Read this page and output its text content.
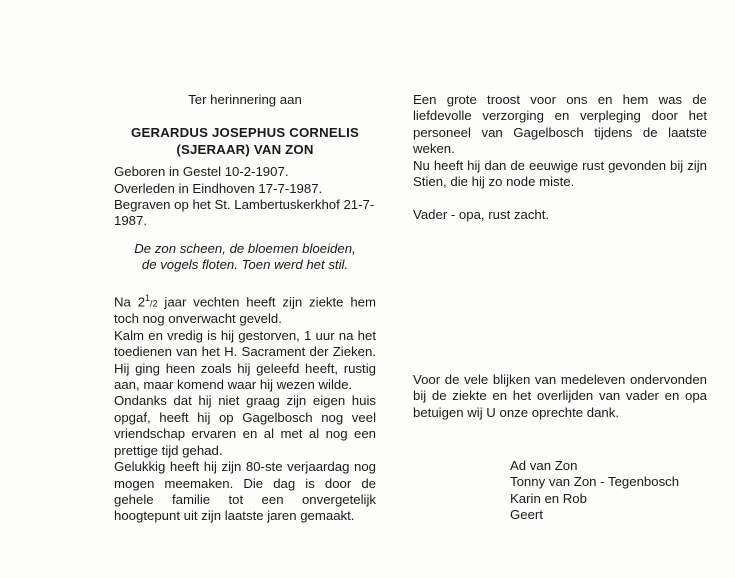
Ter herinnering aan

GERARDUS JOSEPHUS CORNELIS

(SJERAAR) VAN ZON

Geboren in Gestel 10-2-1907.

Overleden in Eindhoven 17-7-1987.

Begraven op het St. Lambertuskerkhof 21-7-

1987.

De zon scheen, de bloemen bloeiden,

de vogels floten. Toen werd het stil.

Na $2^1/2$ jaar vechten heeft zijn ziekte hem toch nog onverwacht geveld.

Kalm en vredig is hij gestorven, 1 uur na het toedienen van het H. Sacrament der Zieken. Hij ging heen zoals hij geleefd heeft, rustig aan, maar komend waar hij wezen wilde.

Ondanks dat hij niet graag zijn eigen huis opgaf, heeft hij op Gagelbosch nog veel vriendschap ervaren en al met al nog een prettige tijd gehad.

Gelukkig heeft hij zijn 80-ste verjaardag nog mogen meemaken. Die dag is door de gehele familie tot een onvergetelijk hoogtepunt uit zijn laatste jaren gemaakt.

Een grote troost voor ons en hem was de liefdevolle verzorging en verpleging door het personeel van Gagelbosch tijdens de laatste weken.

Nu heeft hij dan de eeuwige rust gevonden bij zijn Stien, die hij zo node miste.

Vader - opa, rust zacht.

Voor de vele blijken van medeleven ondervonden bij de ziekte en het overlijden van vader en opa betuigen wij U onze oprechte dank.

Ad van Zon

Tonny van Zon - Tegenbosch

Karin en Rob

Geert
